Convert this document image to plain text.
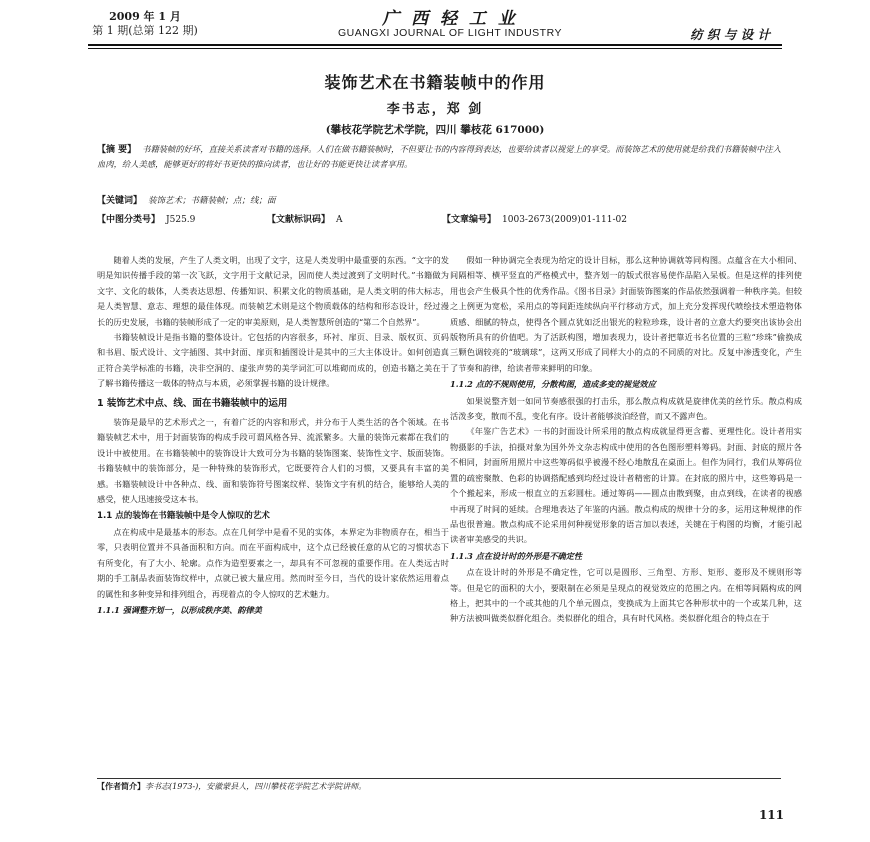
2009 年 1 月
第 1 期(总第 122 期)
广 西 轻 工 业
GUANGXI JOURNAL OF LIGHT INDUSTRY	纺 织 与 设 计
装饰艺术在书籍装帧中的作用
李书志，郑 剑
(攀枝花学院艺术学院，四川 攀枝花 617000)
【摘 要】 书籍装帧的好坏，直接关系读者对书籍的选择。人们在做书籍装帧时，不但要让书的内容得到表达，也要给读者以视觉上的享受。而装饰艺术的使用就是给我们书籍装帧中注入血肉，给人美感，能够更好的将好书更快的推向读者，也让好的书能更快让读者享用。
【关键词】 装饰艺术；书籍装帧；点；线；面
【中图分类号】 J525.9	【文献标识码】 A	【文章编号】 1003-2673(2009)01-111-02

随着人类的发展，产生了人类文明，出现了文字，这是人类发明中最重要的东西。“文字的发明是知识传播手段的第一次飞跃，文字用于文献记录，因而使人类过渡到了文明时代。”书籍做为文字、文化的载体，人类表达思想、传播知识、积累文化的物质基础，是人类文明的伟大标志，是人类智慧、意志、理想的最佳体现。而装帧艺术则是这个物质载体的结构和形态设计，经过漫长的历史发展，书籍的装帧形成了一定的审美原则，是人类智慧所创造的“第二个自然界”。

书籍装帧设计是指书籍的整体设计。它包括的内容很多，环衬、扉页、目录、版权页、页码和书眉、版式设计、文字插图、其中封面、扉页和插图设计是其中的三大主体设计。如何创造真正符合美学标准的书籍，决非空洞的、虚张声势的美学词汇可以堆砌而成的，创造书籍之美在于了解书籍传播这一载体的特点与本质，必须掌握书籍的设计规律。

1 装饰艺术中点、线、面在书籍装帧中的运用

装饰是最早的艺术形式之一，有着广泛的内容和形式，并分布于人类生活的各个领域。在书籍装帧艺术中，用于封面装饰的构成手段可谓风格各异、流派繁多。大量的装饰元素都在我们的设计中被使用。在书籍装帧中的装饰设计大致可分为书籍的装饰图案、装饰性文字、版面装饰。书籍装帧中的装饰部分，是一种特殊的装饰形式，它既要符合人们的习惯，又要具有丰富的美感。书籍装帧设计中各种点、线、面和装饰符号图案纹样、装饰文字有机的结合，能够给人美的感受，使人迅速接受这本书。

1.1 点的装饰在书籍装帧中是令人惊叹的艺术

点在构成中是最基本的形态。点在几何学中是看不见的实体，本界定为非物质存在，相当于零，只表明位置并不具备面积和方向。而在平面构成中，这个点已经被任意的从它的习惯状态下有所变化，有了大小、轮廓。点作为造型要素之一，却具有不可忽视的重要作用。在人类远古时期的手工制品表面装饰纹样中，点就已被大量应用。然而时至今日，当代的设计家依然运用着点的属性和多种变异和排列组合，再现着点的令人惊叹的艺术魅力。

1.1.1 强调整齐划一，以形成秩序美、韵律美

假如一种协调完全表现为给定的设计目标，那么这种协调就等同构图。点蕴含在大小相同、间隔相等、横平竖直的严格模式中，整齐划一的版式很容易使作品陷入呆板。但是这样的排列使用也会产生极具个性的优秀作品。《图书目录》封面装饰图案的作品依然强调着一种秩序美。但较之上例更为宽松，采用点的等间距连续纵向平行移动方式，加上充分发挥现代喷绘技术塑造物体质感、细腻的特点，使得各个圆点犹如泛出银光的粒粒珍珠，设计者的立意大约要突出该协会出版物所具有的价值吧。为了活跃构图，增加表现力，设计者把靠近书名位置的三粒“珍珠”偷换成三颗色调较亮的“玻璃球”，这两又形成了同样大小的点的不同质的对比。反复中渗透变化，产生了节奏和韵律，给读者带来鲜明的印象。

1.1.2 点的不规则使用，分散构图，造成多变的视觉效应

如果说整齐划一如同节奏感很强的打击乐，那么散点构成就是旋律优美的丝竹乐。散点构成活泼多变，散而不乱，变化有序。设计者能够淡泊经营，而又不露声色。

《年鉴广告艺术》一书的封面设计所采用的散点构成就显得更含蓄、更理性化。设计者用实物摄影的手法，拍摄对象为国外外文杂志构成中使用的各色图形塑料筹码。封面、封底的照片各不相同，封面所用照片中这些筹码似乎被漫不经心地散乱在桌面上。但作为同行，我们从筹码位置的疏密聚散、色彩的协调搭配感到均经过设计者精密的计算。在封底的照片中，这些筹码是一个个搬起来，形成一根直立的五彩圆柱。通过筹码——圆点由散到聚，由点到线，在读者的视感中再现了时间的延续。合理地表达了年鉴的内涵。散点构成的规律十分的多，运用这种规律的作品也很普遍。散点构成不论采用何种视觉形象的语言加以表述，关键在于构图的均衡，才能引起读者审美感受的共识。

1.1.3 点在设计时的外形是不确定性

点在设计时的外形是不确定性，它可以是圆形、三角型、方形、矩形、菱形及不规则形等等。但是它的面积的大小，要限制在必须是呈现点的视觉效应的范围之内。在相等间隔构成的网格上，把其中的一个或其他的几个单元圆点，变换成为上面其它各种形状中的一个或某几种，这种方法被叫做类似群化组合。类似群化的组合，具有时代风格。类似群化组合的特点在于

【作者简介】李书志(1973-)，安徽蒙县人，四川攀枝花学院艺术学院讲师。
111
